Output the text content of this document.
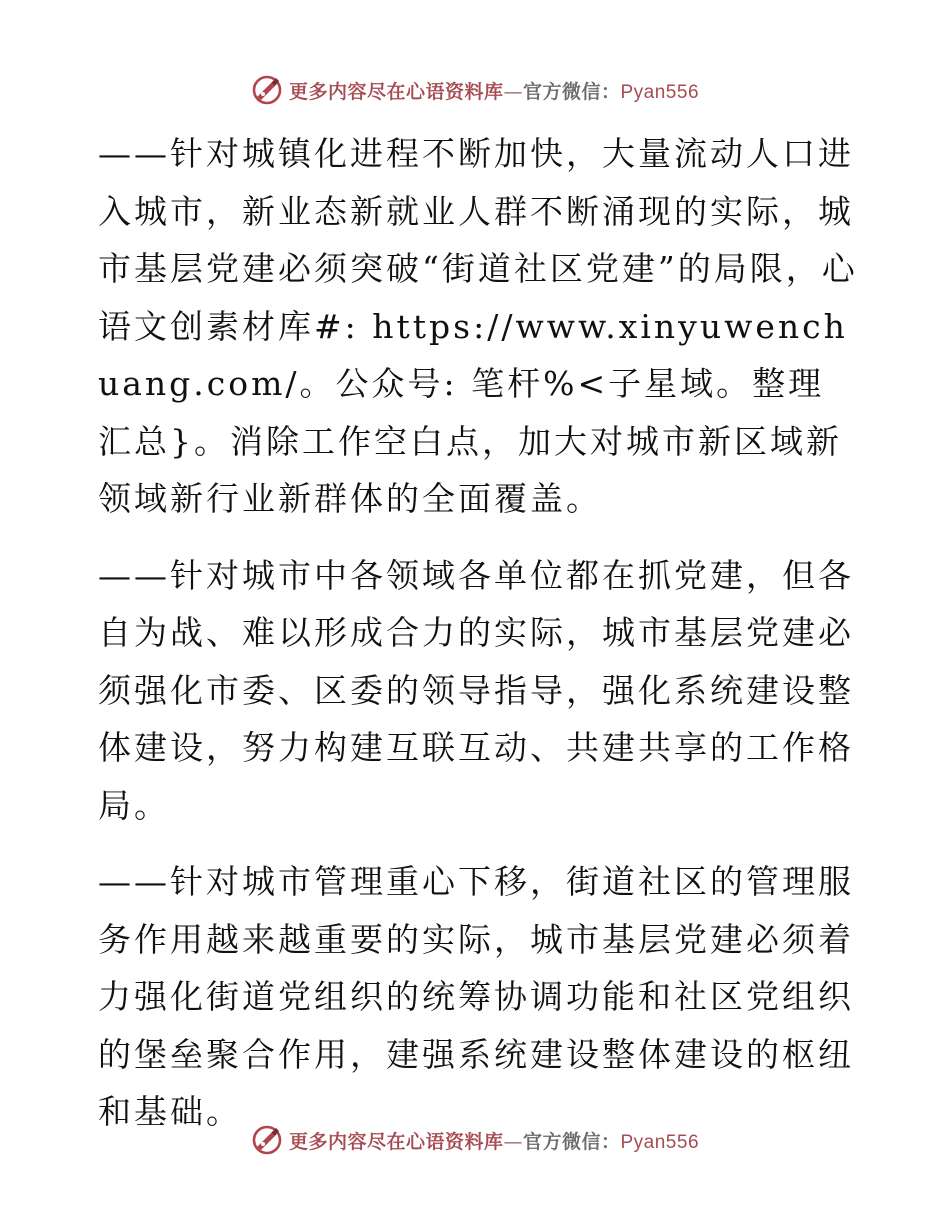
更多内容尽在心语资料库—官方微信：Pyan556

——针对城镇化进程不断加快，大量流动人口进入城市，新业态新就业人群不断涌现的实际，城市基层党建必须突破“街道社区党建”的局限，心语文创素材库#: https://www.xinyuwenchuang.com/。公众号: 笔杆%<子星域。整理汇总}。消除工作空白点，加大对城市新区域新领域新行业新群体的全面覆盖。

——针对城市中各领域各单位都在抓党建，但各自为战、难以形成合力的实际，城市基层党建必须强化市委、区委的领导指导，强化系统建设整体建设，努力构建互联互动、共建共享的工作格局。

——针对城市管理重心下移，街道社区的管理服务作用越来越重要的实际，城市基层党建必须着力强化街道党组织的统筹协调功能和社区党组织的堡垒聚合作用，建强系统建设整体建设的枢纽和基础。

更多内容尽在心语资料库—官方微信：Pyan556
